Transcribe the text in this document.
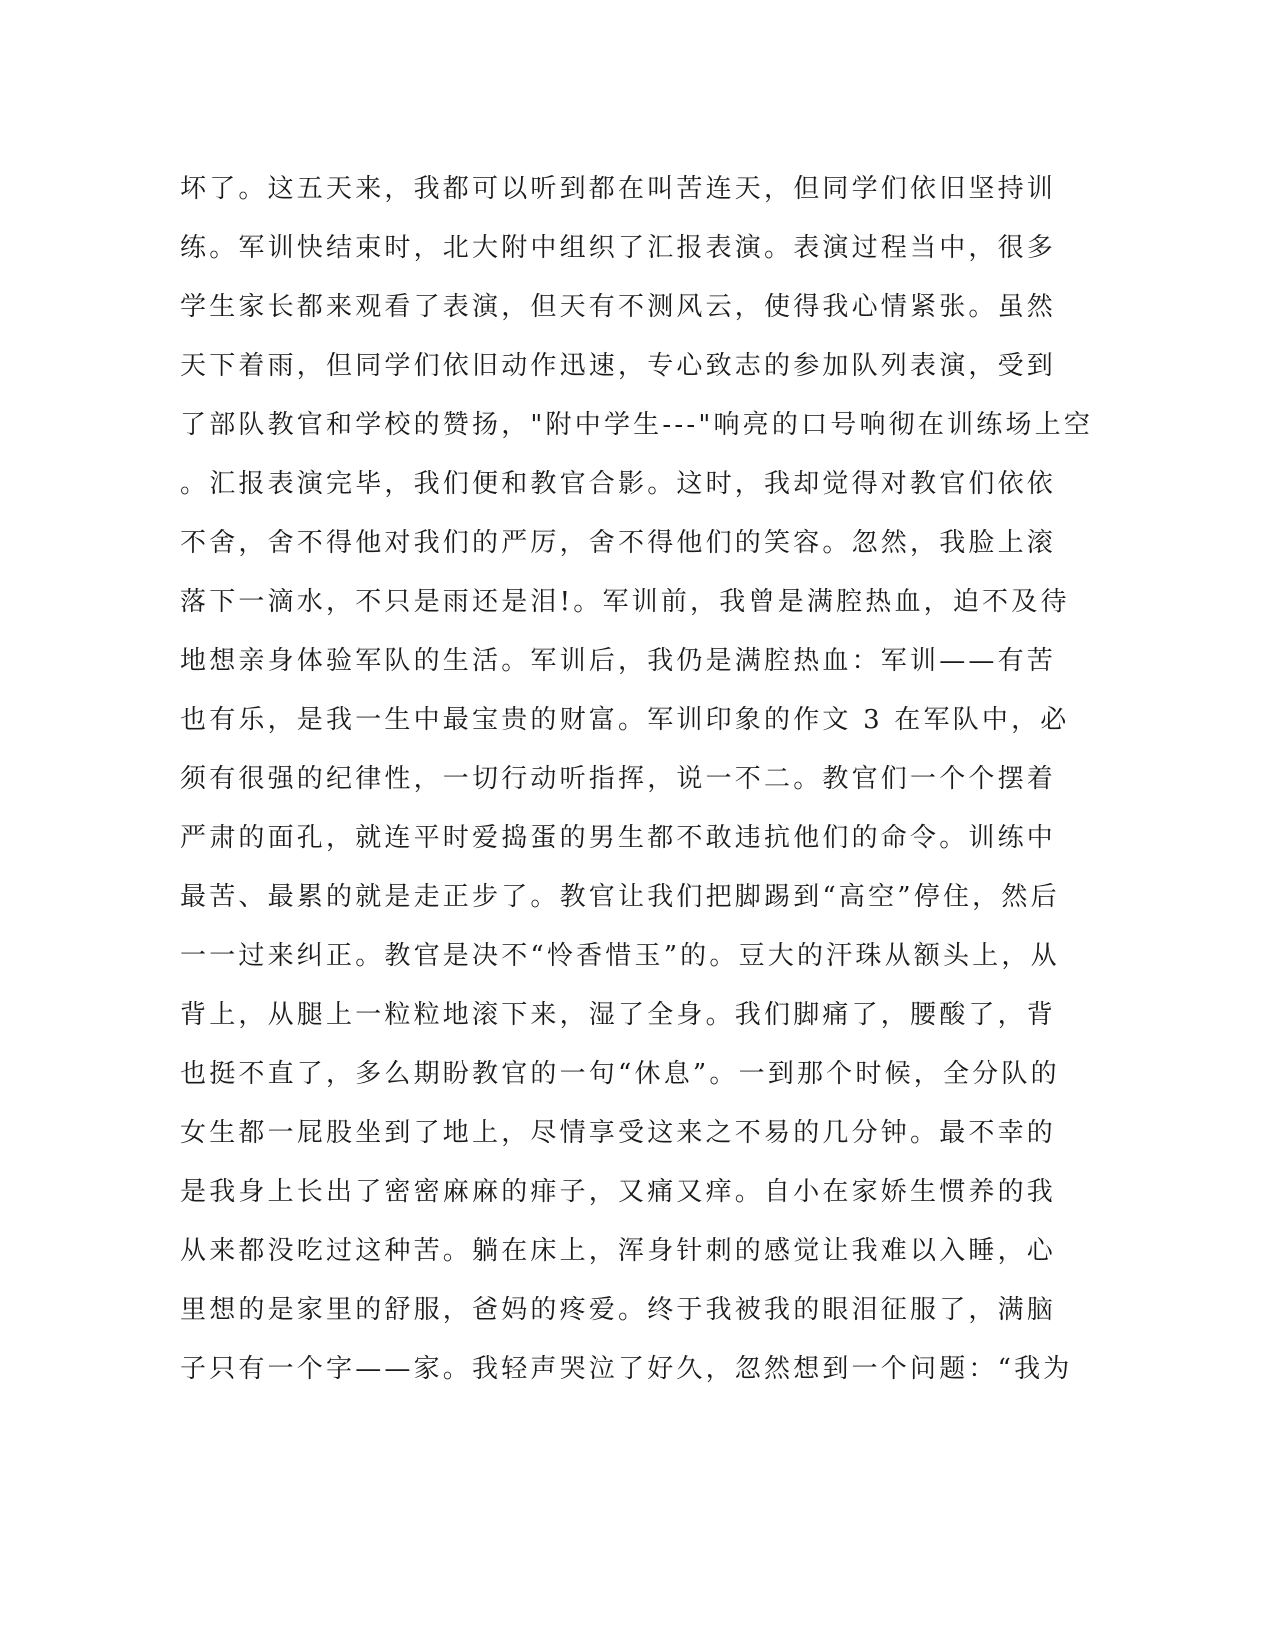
坏了。这五天来，我都可以听到都在叫苦连天，但同学们依旧坚持训
练。军训快结束时，北大附中组织了汇报表演。表演过程当中，很多
学生家长都来观看了表演，但天有不测风云，使得我心情紧张。虽然
天下着雨，但同学们依旧动作迅速，专心致志的参加队列表演，受到
了部队教官和学校的赞扬，"附中学生---"响亮的口号响彻在训练场上空
。汇报表演完毕，我们便和教官合影。这时，我却觉得对教官们依依
不舍，舍不得他对我们的严厉，舍不得他们的笑容。忽然，我脸上滚
落下一滴水，不只是雨还是泪!。军训前，我曾是满腔热血，迫不及待
地想亲身体验军队的生活。军训后，我仍是满腔热血：军训——有苦
也有乐，是我一生中最宝贵的财富。军训印象的作文 3 在军队中，必
须有很强的纪律性，一切行动听指挥，说一不二。教官们一个个摆着
严肃的面孔，就连平时爱捣蛋的男生都不敢违抗他们的命令。训练中
最苦、最累的就是走正步了。教官让我们把脚踢到“高空”停住，然后
一一过来纠正。教官是决不“怜香惜玉”的。豆大的汗珠从额头上，从
背上，从腿上一粒粒地滚下来，湿了全身。我们脚痛了，腰酸了，背
也挺不直了，多么期盼教官的一句“休息”。一到那个时候，全分队的
女生都一屁股坐到了地上，尽情享受这来之不易的几分钟。最不幸的
是我身上长出了密密麻麻的痱子，又痛又痒。自小在家娇生惯养的我
从来都没吃过这种苦。躺在床上，浑身针刺的感觉让我难以入睡，心
里想的是家里的舒服，爸妈的疼爱。终于我被我的眼泪征服了，满脑
子只有一个字——家。我轻声哭泣了好久，忽然想到一个问题：“我为
